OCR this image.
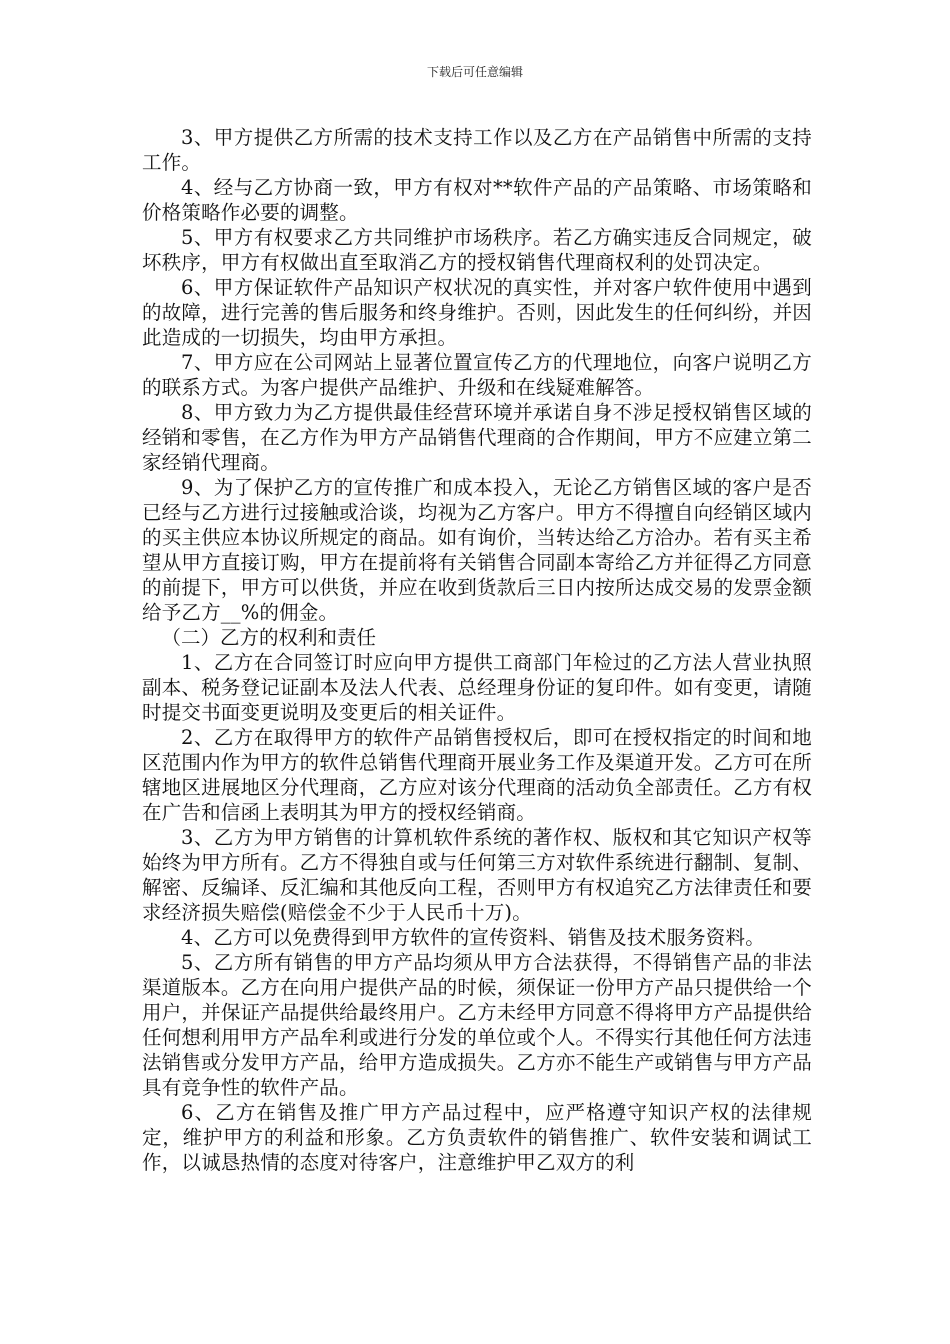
下载后可任意编辑

3、甲方提供乙方所需的技术支持工作以及乙方在产品销售中所需的支持工作。

4、经与乙方协商一致，甲方有权对**软件产品的产品策略、市场策略和价格策略作必要的调整。

5、甲方有权要求乙方共同维护市场秩序。若乙方确实违反合同规定，破坏秩序，甲方有权做出直至取消乙方的授权销售代理商权利的处罚决定。

6、甲方保证软件产品知识产权状况的真实性，并对客户软件使用中遇到的故障，进行完善的售后服务和终身维护。否则，因此发生的任何纠纷，并因此造成的一切损失，均由甲方承担。

7、甲方应在公司网站上显著位置宣传乙方的代理地位，向客户说明乙方的联系方式。为客户提供产品维护、升级和在线疑难解答。

8、甲方致力为乙方提供最佳经营环境并承诺自身不涉足授权销售区域的经销和零售，在乙方作为甲方产品销售代理商的合作期间，甲方不应建立第二家经销代理商。

9、为了保护乙方的宣传推广和成本投入，无论乙方销售区域的客户是否已经与乙方进行过接触或洽谈，均视为乙方客户。甲方不得擅自向经销区域内的买主供应本协议所规定的商品。如有询价，当转达给乙方洽办。若有买主希望从甲方直接订购，甲方在提前将有关销售合同副本寄给乙方并征得乙方同意的前提下，甲方可以供货，并应在收到货款后三日内按所达成交易的发票金额给予乙方__%的佣金。

（二）乙方的权利和责任

1、乙方在合同签订时应向甲方提供工商部门年检过的乙方法人营业执照副本、税务登记证副本及法人代表、总经理身份证的复印件。如有变更，请随时提交书面变更说明及变更后的相关证件。

2、乙方在取得甲方的软件产品销售授权后，即可在授权指定的时间和地区范围内作为甲方的软件总销售代理商开展业务工作及渠道开发。乙方可在所辖地区进展地区分代理商，乙方应对该分代理商的活动负全部责任。乙方有权在广告和信函上表明其为甲方的授权经销商。

3、乙方为甲方销售的计算机软件系统的著作权、版权和其它知识产权等始终为甲方所有。乙方不得独自或与任何第三方对软件系统进行翻制、复制、解密、反编译、反汇编和其他反向工程，否则甲方有权追究乙方法律责任和要求经济损失赔偿(赔偿金不少于人民币十万)。

4、乙方可以免费得到甲方软件的宣传资料、销售及技术服务资料。

5、乙方所有销售的甲方产品均须从甲方合法获得，不得销售产品的非法渠道版本。乙方在向用户提供产品的时候，须保证一份甲方产品只提供给一个用户，并保证产品提供给最终用户。乙方未经甲方同意不得将甲方产品提供给任何想利用甲方产品牟利或进行分发的单位或个人。不得实行其他任何方法违法销售或分发甲方产品，给甲方造成损失。乙方亦不能生产或销售与甲方产品具有竞争性的软件产品。

6、乙方在销售及推广甲方产品过程中，应严格遵守知识产权的法律规定，维护甲方的利益和形象。乙方负责软件的销售推广、软件安装和调试工作，以诚恳热情的态度对待客户，注意维护甲乙双方的利
